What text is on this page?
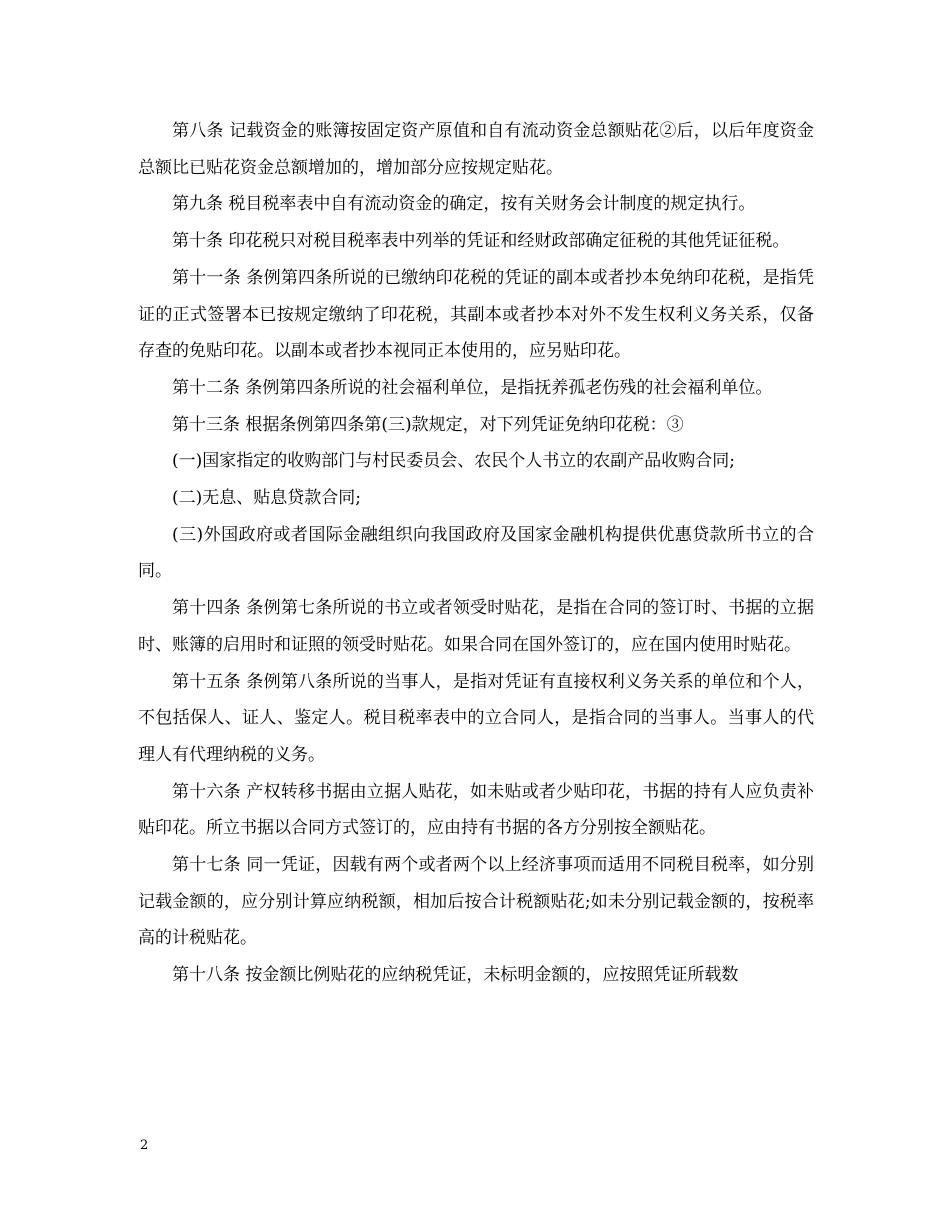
第八条 记载资金的账簿按固定资产原值和自有流动资金总额贴花②后，以后年度资金总额比已贴花资金总额增加的，增加部分应按规定贴花。

第九条 税目税率表中自有流动资金的确定，按有关财务会计制度的规定执行。

第十条 印花税只对税目税率表中列举的凭证和经财政部确定征税的其他凭证征税。

第十一条 条例第四条所说的已缴纳印花税的凭证的副本或者抄本免纳印花税，是指凭证的正式签署本已按规定缴纳了印花税，其副本或者抄本对外不发生权利义务关系，仅备存查的免贴印花。以副本或者抄本视同正本使用的，应另贴印花。

第十二条 条例第四条所说的社会福利单位，是指抚养孤老伤残的社会福利单位。

第十三条 根据条例第四条第(三)款规定，对下列凭证免纳印花税：③

(一)国家指定的收购部门与村民委员会、农民个人书立的农副产品收购合同;

(二)无息、贴息贷款合同;

(三)外国政府或者国际金融组织向我国政府及国家金融机构提供优惠贷款所书立的合同。

第十四条 条例第七条所说的书立或者领受时贴花，是指在合同的签订时、书据的立据时、账簿的启用时和证照的领受时贴花。如果合同在国外签订的，应在国内使用时贴花。

第十五条 条例第八条所说的当事人，是指对凭证有直接权利义务关系的单位和个人，不包括保人、证人、鉴定人。税目税率表中的立合同人，是指合同的当事人。当事人的代理人有代理纳税的义务。

第十六条 产权转移书据由立据人贴花，如未贴或者少贴印花，书据的持有人应负责补贴印花。所立书据以合同方式签订的，应由持有书据的各方分别按全额贴花。

第十七条 同一凭证，因载有两个或者两个以上经济事项而适用不同税目税率，如分别记载金额的，应分别计算应纳税额，相加后按合计税额贴花;如未分别记载金额的，按税率高的计税贴花。

第十八条 按金额比例贴花的应纳税凭证，未标明金额的，应按照凭证所载数

2
